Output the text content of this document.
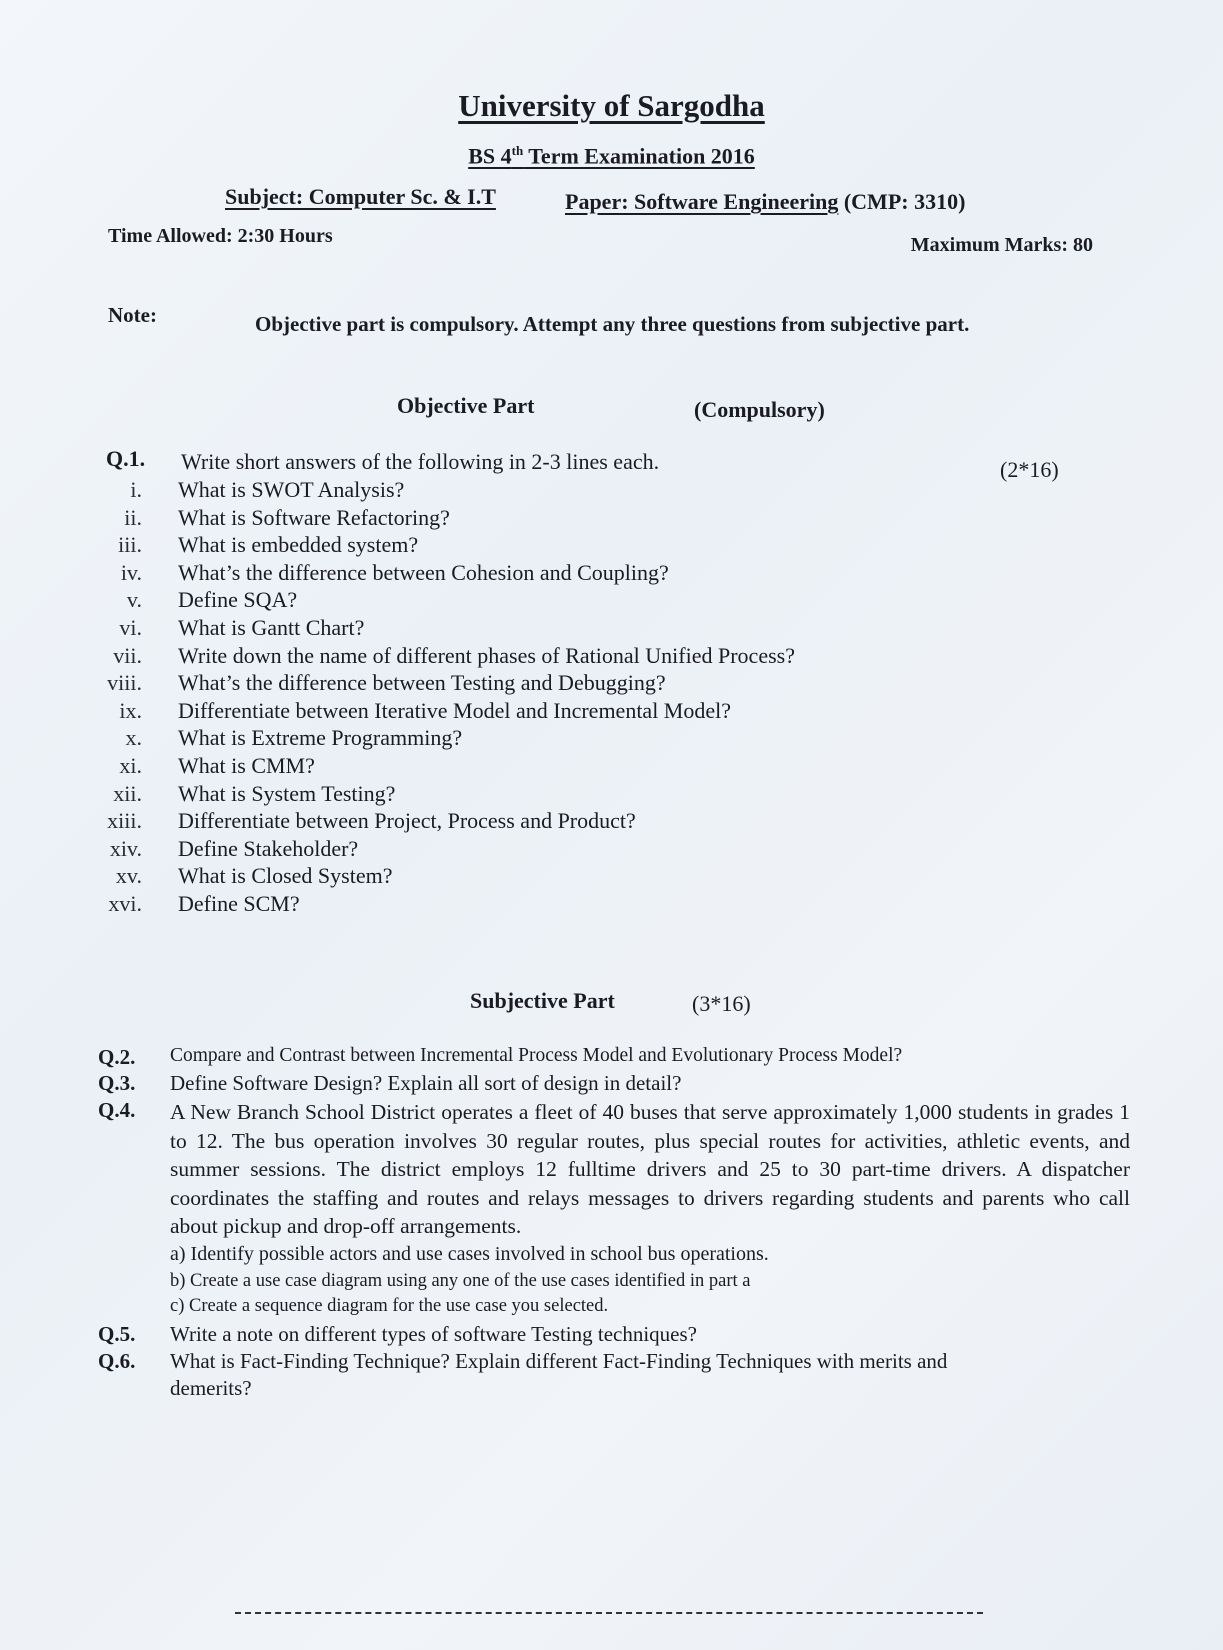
University of Sargodha
BS 4th Term Examination 2016
Subject: Computer Sc. & I.T	Paper: Software Engineering (CMP: 3310)
Time Allowed: 2:30 Hours	Maximum Marks: 80
Note:	Objective part is compulsory. Attempt any three questions from subjective part.
Objective Part	(Compulsory)
Q.1. Write short answers of the following in 2-3 lines each.	(2*16)
i. What is SWOT Analysis?
ii. What is Software Refactoring?
iii. What is embedded system?
iv. What’s the difference between Cohesion and Coupling?
v. Define SQA?
vi. What is Gantt Chart?
vii. Write down the name of different phases of Rational Unified Process?
viii. What’s the difference between Testing and Debugging?
ix. Differentiate between Iterative Model and Incremental Model?
x. What is Extreme Programming?
xi. What is CMM?
xii. What is System Testing?
xiii. Differentiate between Project, Process and Product?
xiv. Define Stakeholder?
xv. What is Closed System?
xvi. Define SCM?
Subjective Part	(3*16)
Q.2.	Compare and Contrast between Incremental Process Model and Evolutionary Process Model?
Q.3.	Define Software Design? Explain all sort of design in detail?
Q.4.	A New Branch School District operates a fleet of 40 buses that serve approximately 1,000 students in grades 1 to 12. The bus operation involves 30 regular routes, plus special routes for activities, athletic events, and summer sessions. The district employs 12 fulltime drivers and 25 to 30 part-time drivers. A dispatcher coordinates the staffing and routes and relays messages to drivers regarding students and parents who call about pickup and drop-off arrangements.
a) Identify possible actors and use cases involved in school bus operations.
b) Create a use case diagram using any one of the use cases identified in part a
c) Create a sequence diagram for the use case you selected.
Q.5.	Write a note on different types of software Testing techniques?
Q.6.	What is Fact-Finding Technique? Explain different Fact-Finding Techniques with merits and
demerits?
